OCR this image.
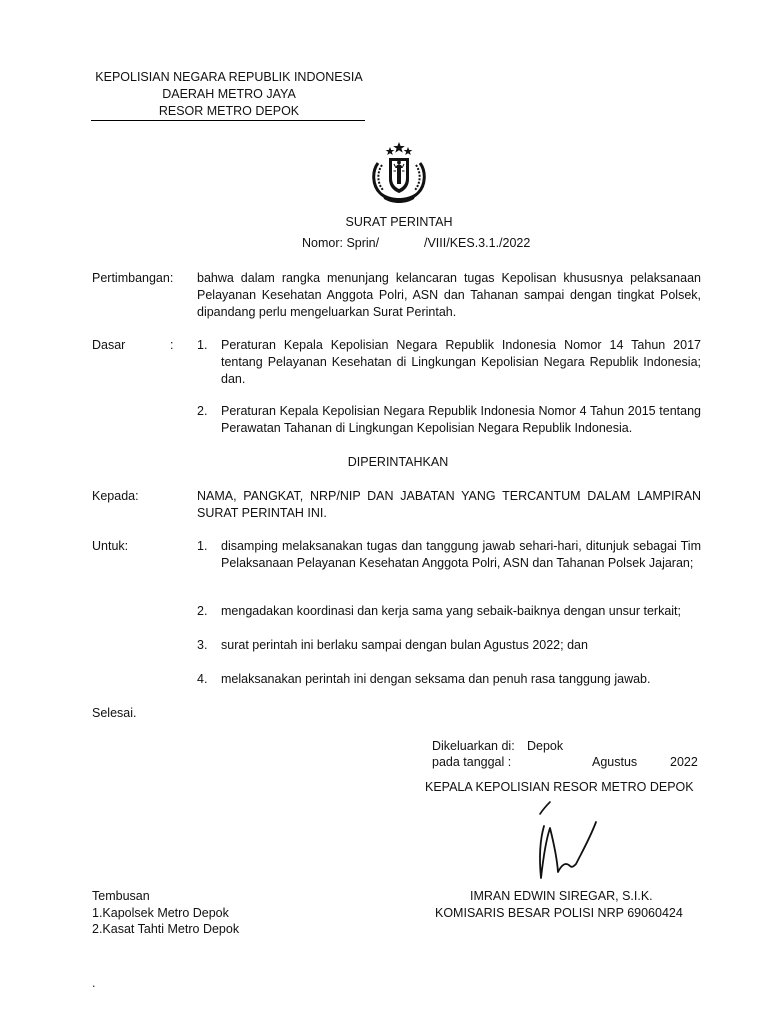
KEPOLISIAN NEGARA REPUBLIK INDONESIA
DAERAH METRO JAYA
RESOR METRO DEPOK
SURAT PERINTAH
Nomor: Sprin/	/VIII/KES.3.1./2022
Pertimbangan: bahwa dalam rangka menunjang kelancaran tugas Kepolisan khususnya pelaksanaan Pelayanan Kesehatan Anggota Polri, ASN dan Tahanan sampai dengan tingkat Polsek, dipandang perlu mengeluarkan Surat Perintah.
Dasar	: 1.	Peraturan Kepala Kepolisian Negara Republik Indonesia Nomor 14 Tahun 2017 tentang Pelayanan Kesehatan di Lingkungan Kepolisian Negara Republik Indonesia; dan.
2.	Peraturan Kepala Kepolisian Negara Republik Indonesia Nomor 4 Tahun 2015 tentang Perawatan Tahanan di Lingkungan Kepolisian Negara Republik Indonesia.
DIPERINTAHKAN
Kepada:	NAMA, PANGKAT, NRP/NIP DAN JABATAN YANG TERCANTUM DALAM LAMPIRAN SURAT PERINTAH INI.
Untuk:	1.	disamping melaksanakan tugas dan tanggung jawab sehari-hari, ditunjuk sebagai Tim Pelaksanaan Pelayanan Kesehatan Anggota Polri, ASN dan Tahanan Polsek Jajaran;
2.	mengadakan koordinasi dan kerja sama yang sebaik-baiknya dengan unsur terkait;
3.	surat perintah ini berlaku sampai dengan bulan Agustus 2022; dan
4.	melaksanakan perintah ini dengan seksama dan penuh rasa tanggung jawab.
Selesai.
Dikeluarkan di: Depok
pada tanggal :	Agustus	2022
KEPALA KEPOLISIAN RESOR METRO DEPOK
IMRAN EDWIN SIREGAR, S.I.K.
KOMISARIS BESAR POLISI NRP 69060424
Tembusan
1.Kapolsek Metro Depok
2.Kasat Tahti Metro Depok
.
